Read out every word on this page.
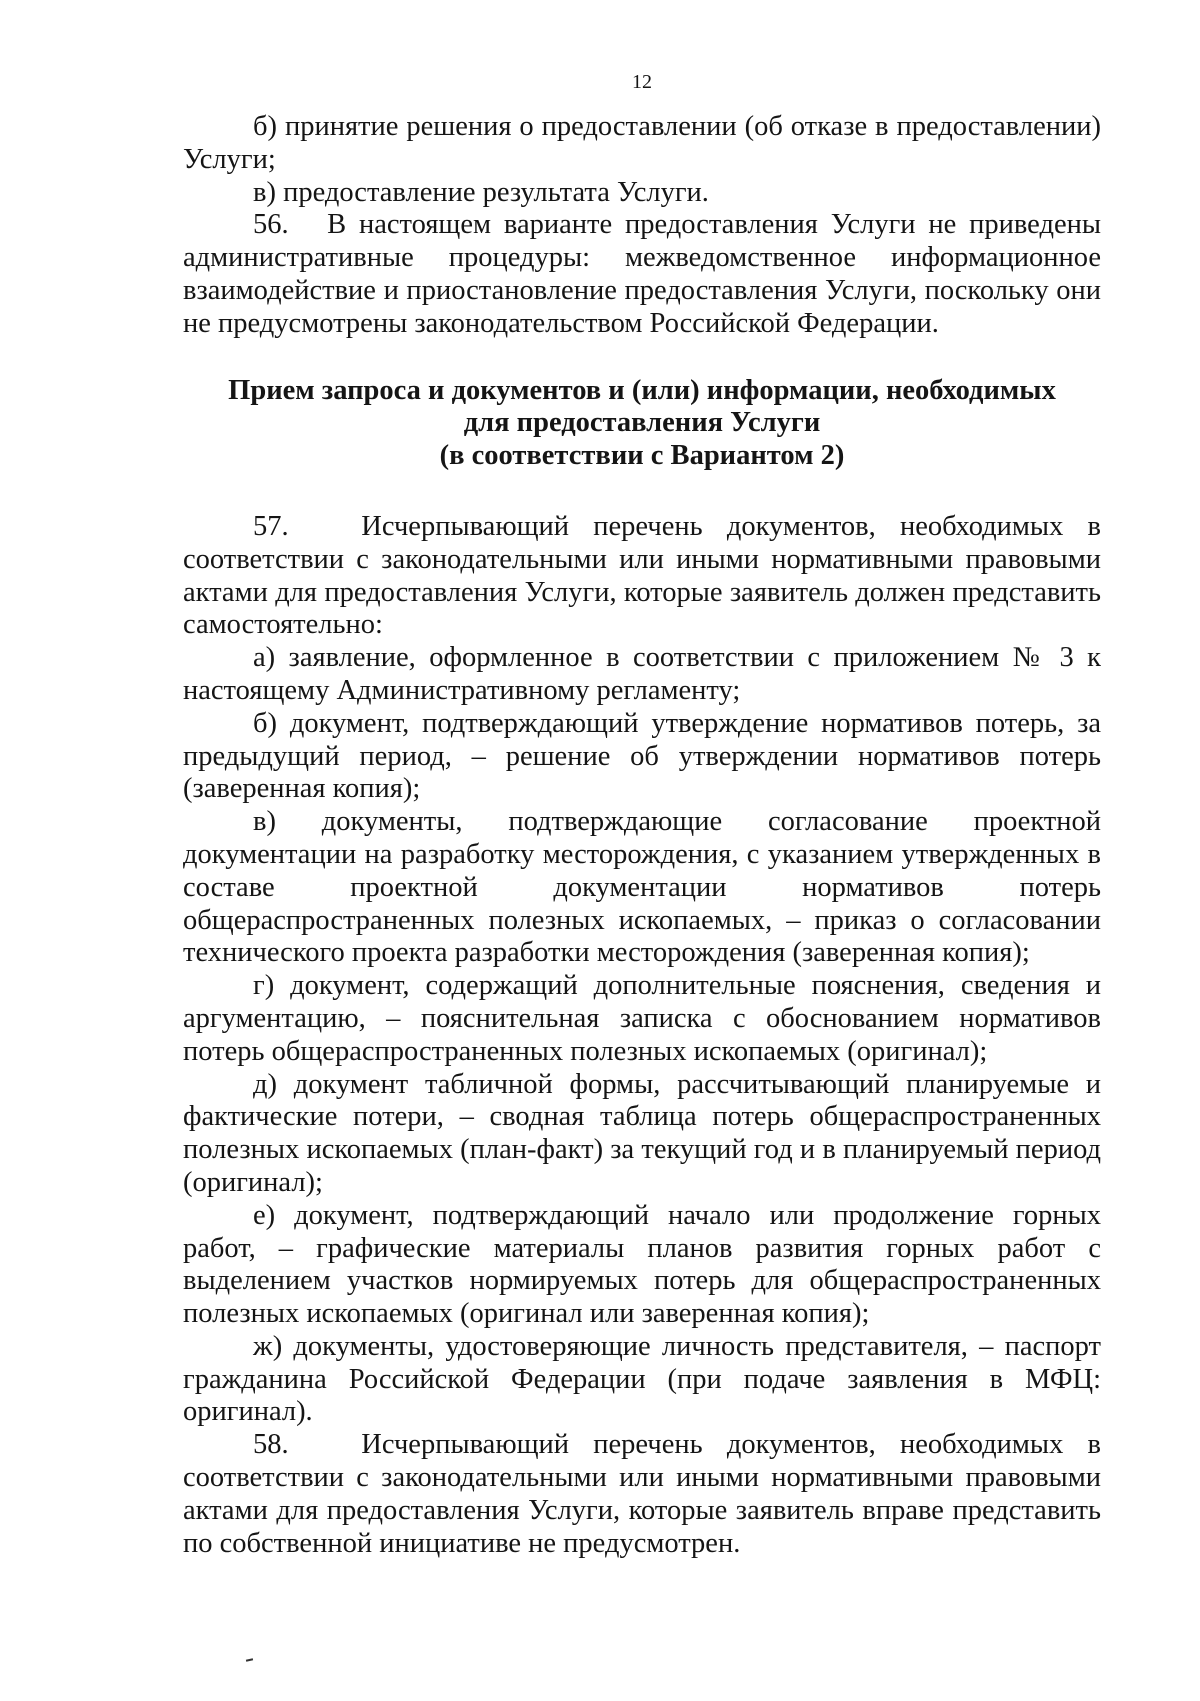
12

б) принятие решения о предоставлении (об отказе в предоставлении) Услуги;

в) предоставление результата Услуги.

56.   В настоящем варианте предоставления Услуги не приведены административные процедуры: межведомственное информационное взаимодействие и приостановление предоставления Услуги, поскольку они не предусмотрены законодательством Российской Федерации.

Прием запроса и документов и (или) информации, необходимых
для предоставления Услуги
(в соответствии с Вариантом 2)

57.   Исчерпывающий перечень документов, необходимых в соответствии с законодательными или иными нормативными правовыми актами для предоставления Услуги, которые заявитель должен представить самостоятельно:

а) заявление, оформленное в соответствии с приложением № 3 к настоящему Административному регламенту;

б) документ, подтверждающий утверждение нормативов потерь, за предыдущий период, – решение об утверждении нормативов потерь (заверенная копия);

в) документы, подтверждающие согласование проектной документации на разработку месторождения, с указанием утвержденных в составе проектной документации нормативов потерь общераспространенных полезных ископаемых, – приказ о согласовании технического проекта разработки месторождения (заверенная копия);

г) документ, содержащий дополнительные пояснения, сведения и аргументацию, – пояснительная записка с обоснованием нормативов потерь общераспространенных полезных ископаемых (оригинал);

д) документ табличной формы, рассчитывающий планируемые и фактические потери, – сводная таблица потерь общераспространенных полезных ископаемых (план-факт) за текущий год и в планируемый период (оригинал);

е) документ, подтверждающий начало или продолжение горных работ, – графические материалы планов развития горных работ с выделением участков нормируемых потерь для общераспространенных полезных ископаемых (оригинал или заверенная копия);

ж) документы, удостоверяющие личность представителя, – паспорт гражданина Российской Федерации (при подаче заявления в МФЦ: оригинал).

58.   Исчерпывающий перечень документов, необходимых в соответствии с законодательными или иными нормативными правовыми актами для предоставления Услуги, которые заявитель вправе представить по собственной инициативе не предусмотрен.
